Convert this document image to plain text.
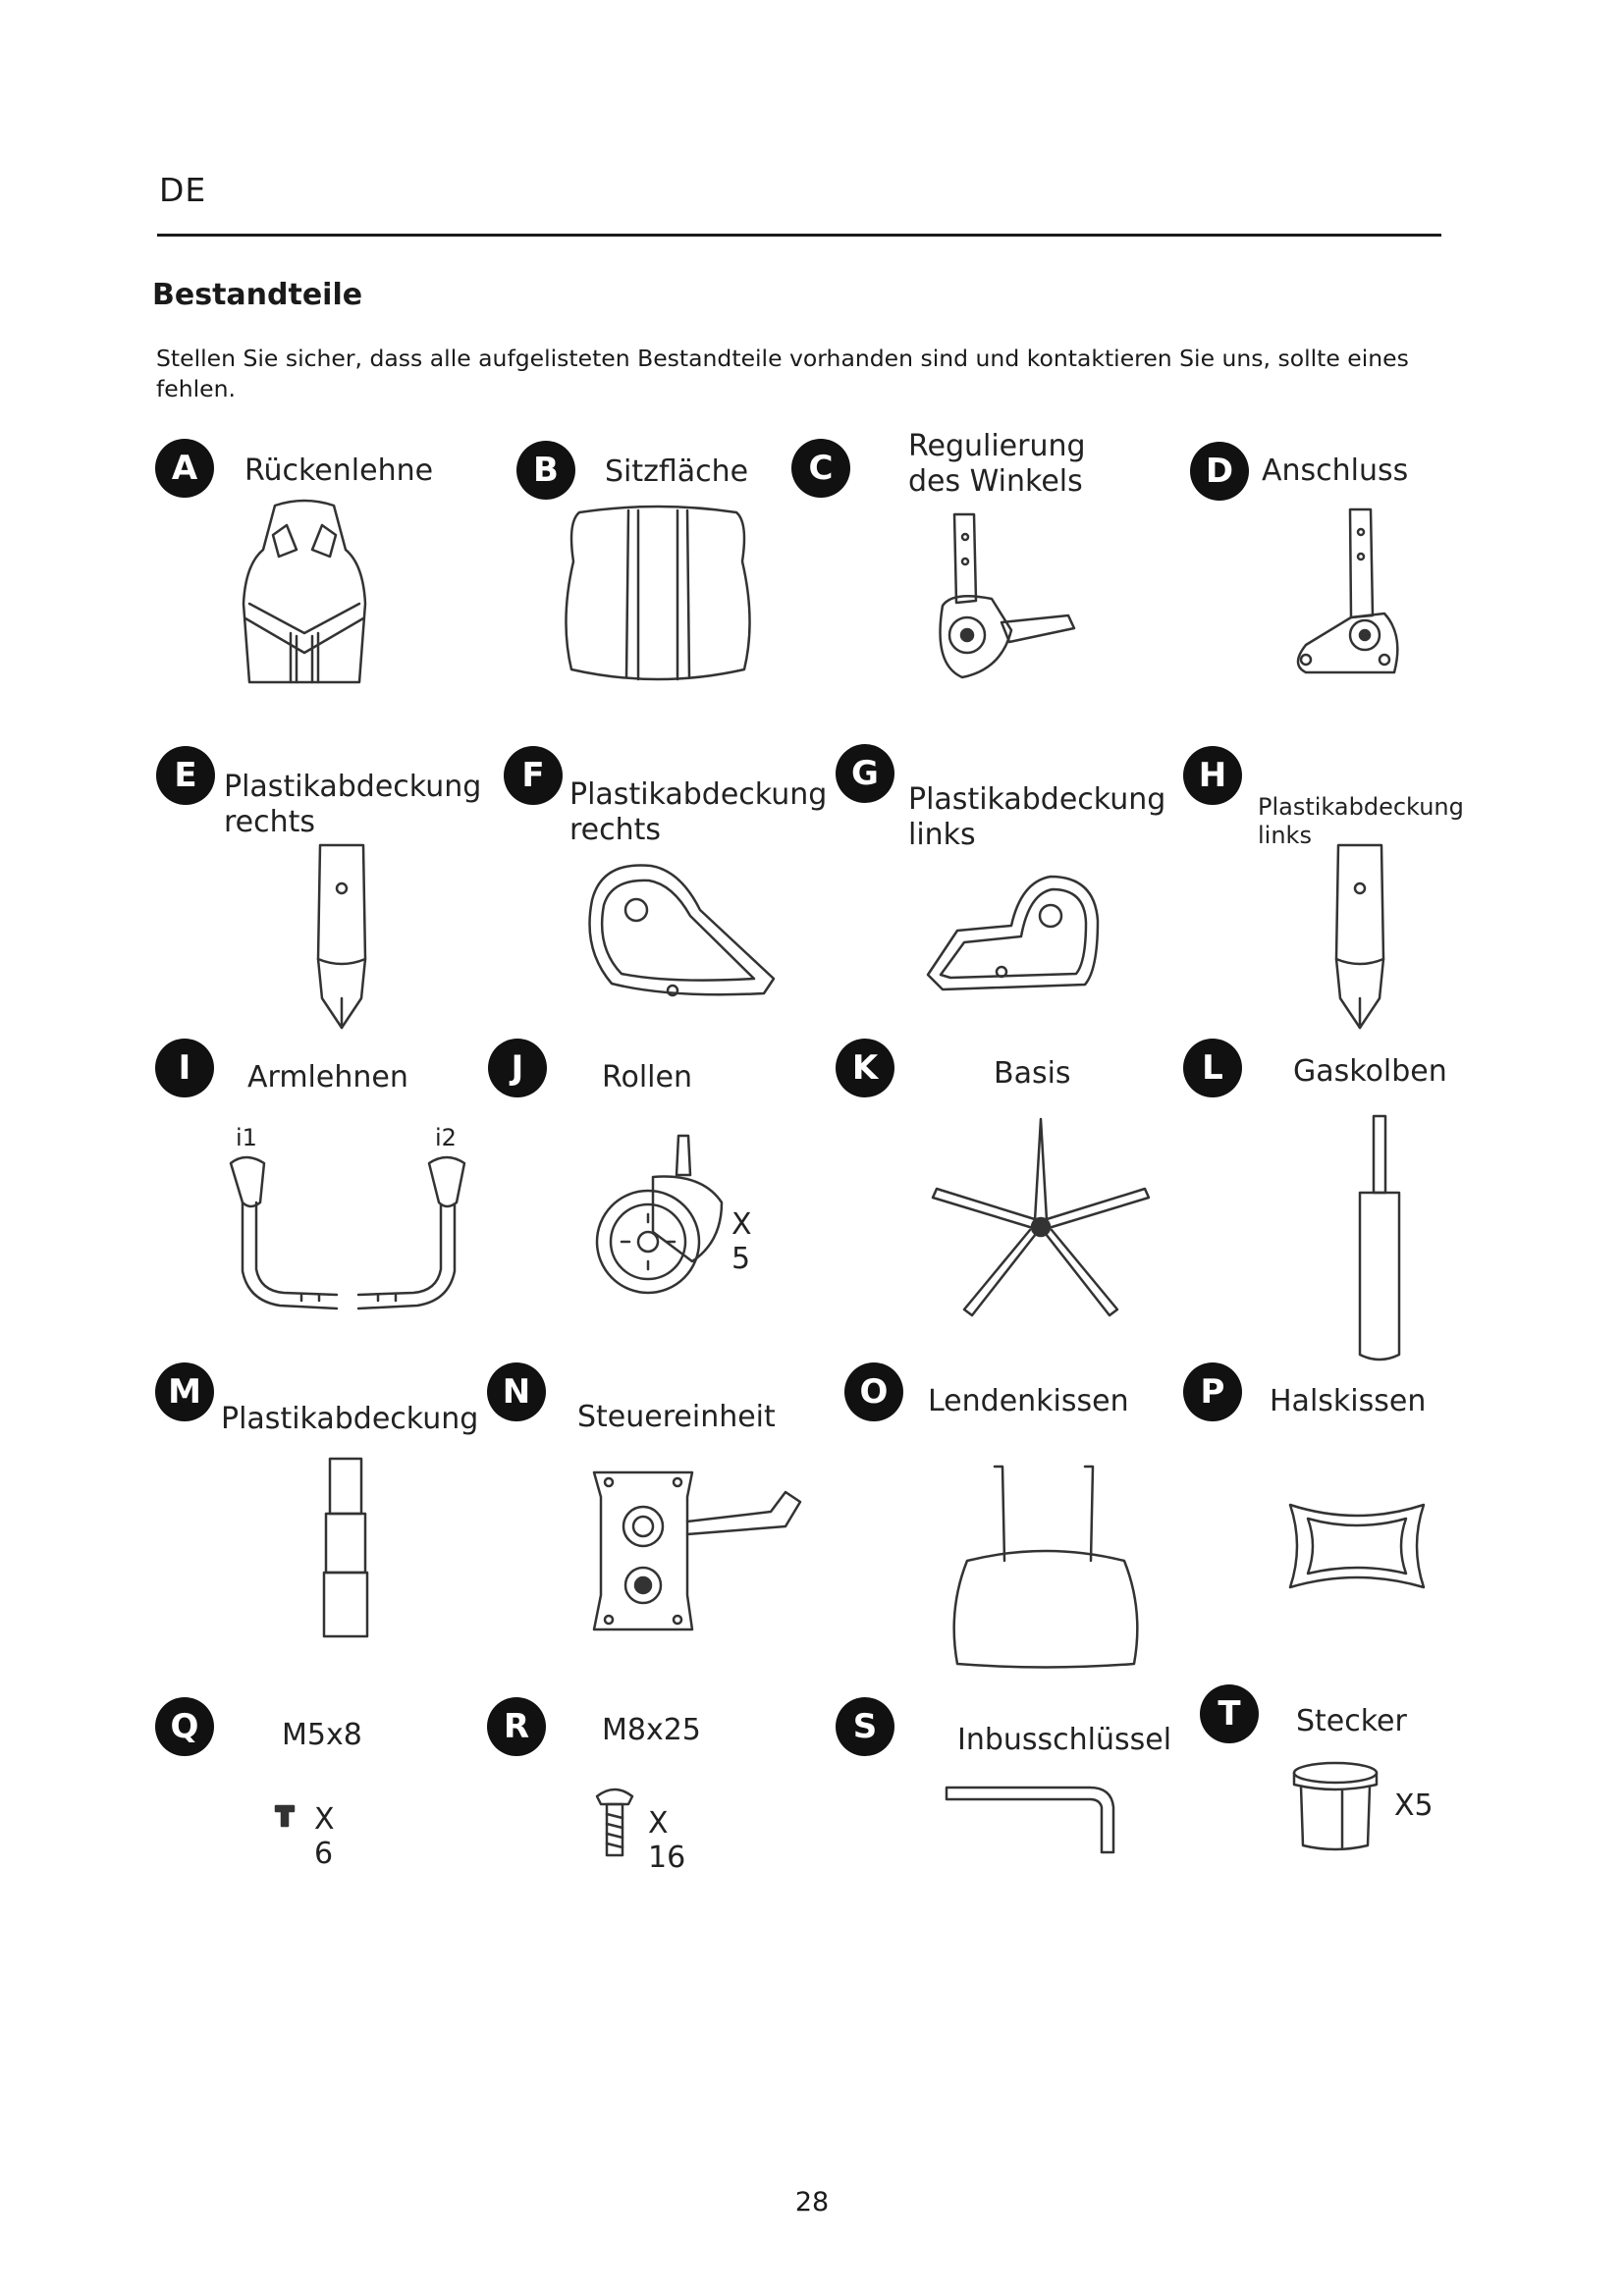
DE
Bestandteile
Stellen Sie sicher, dass alle aufgelisteten Bestandteile vorhanden sind und kontaktieren Sie uns, sollte eines fehlen.
A	Rückenlehne	B	Sitzfläche	C
Regulierung
des Winkels	D Anschluss
E Plastikabdeckung
rechts
F Plastikabdeckung
rechts
G
Plastikabdeckung
links
H
Plastikabdeckung
links
I	Armlehnen
i1	i2
J	Rollen
X 5
K	Basis	L	Gaskolben
M
Plastikabdeckung
N
Steuereinheit
O	Lendenkissen	P	Halskissen
Q	M5x8
X 6
R	M8x25
X 16
S	Inbusschlüssel
T	Stecker
X5
28
